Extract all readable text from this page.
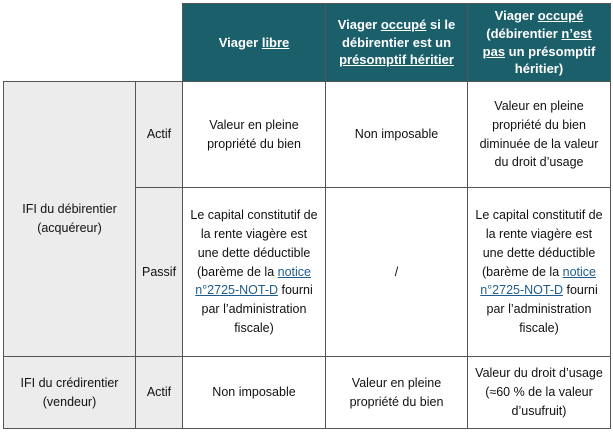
		Viager libre	Viager occupé si le débirentier est un présomptif héritier	Viager occupé (débirentier n’est pas un présomptif héritier)
IFI du débirentier (acquéreur)	Actif	Valeur en pleine propriété du bien	Non imposable	Valeur en pleine propriété du bien diminuée de la valeur du droit d’usage
	Passif	Le capital constitutif de la rente viagère est une dette déductible (barème de la notice n°2725-NOT-D fourni par l’administration fiscale)	/	Le capital constitutif de la rente viagère est une dette déductible (barème de la notice n°2725-NOT-D fourni par l’administration fiscale)
IFI du crédirentier (vendeur)	Actif	Non imposable	Valeur en pleine propriété du bien	Valeur du droit d’usage (≈60 % de la valeur d’usufruit)
